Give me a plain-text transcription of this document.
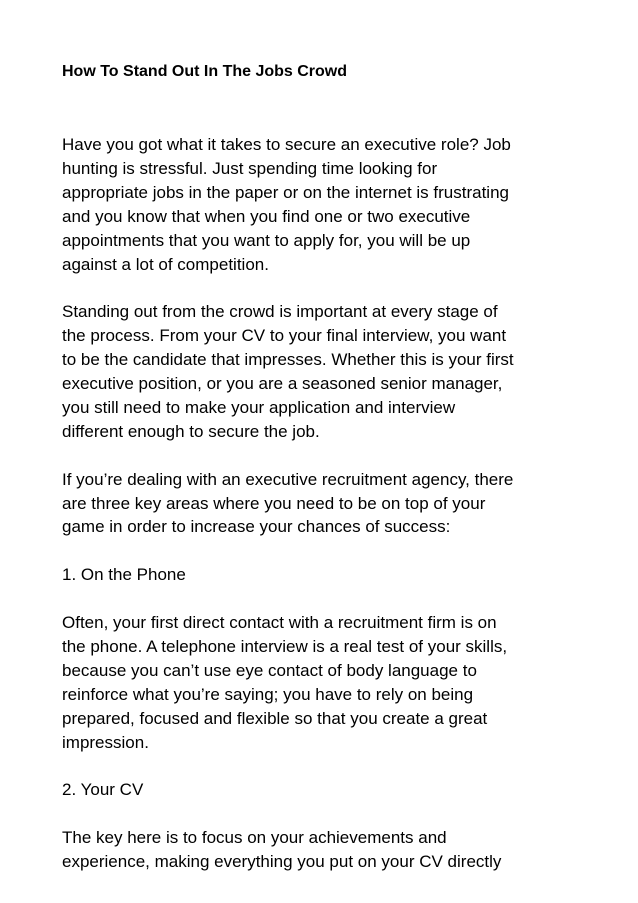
How To Stand Out In The Jobs Crowd

Have you got what it takes to secure an executive role? Job

hunting is stressful. Just spending time looking for

appropriate jobs in the paper or on the internet is frustrating

and you know that when you find one or two executive

appointments that you want to apply for, you will be up

against a lot of competition.

Standing out from the crowd is important at every stage of

the process. From your CV to your final interview, you want

to be the candidate that impresses. Whether this is your first

executive position, or you are a seasoned senior manager,

you still need to make your application and interview

different enough to secure the job.

If you’re dealing with an executive recruitment agency, there

are three key areas where you need to be on top of your

game in order to increase your chances of success:

1. On the Phone

Often, your first direct contact with a recruitment firm is on

the phone. A telephone interview is a real test of your skills,

because you can’t use eye contact of body language to

reinforce what you’re saying; you have to rely on being

prepared, focused and flexible so that you create a great

impression.

2. Your CV

The key here is to focus on your achievements and

experience, making everything you put on your CV directly
